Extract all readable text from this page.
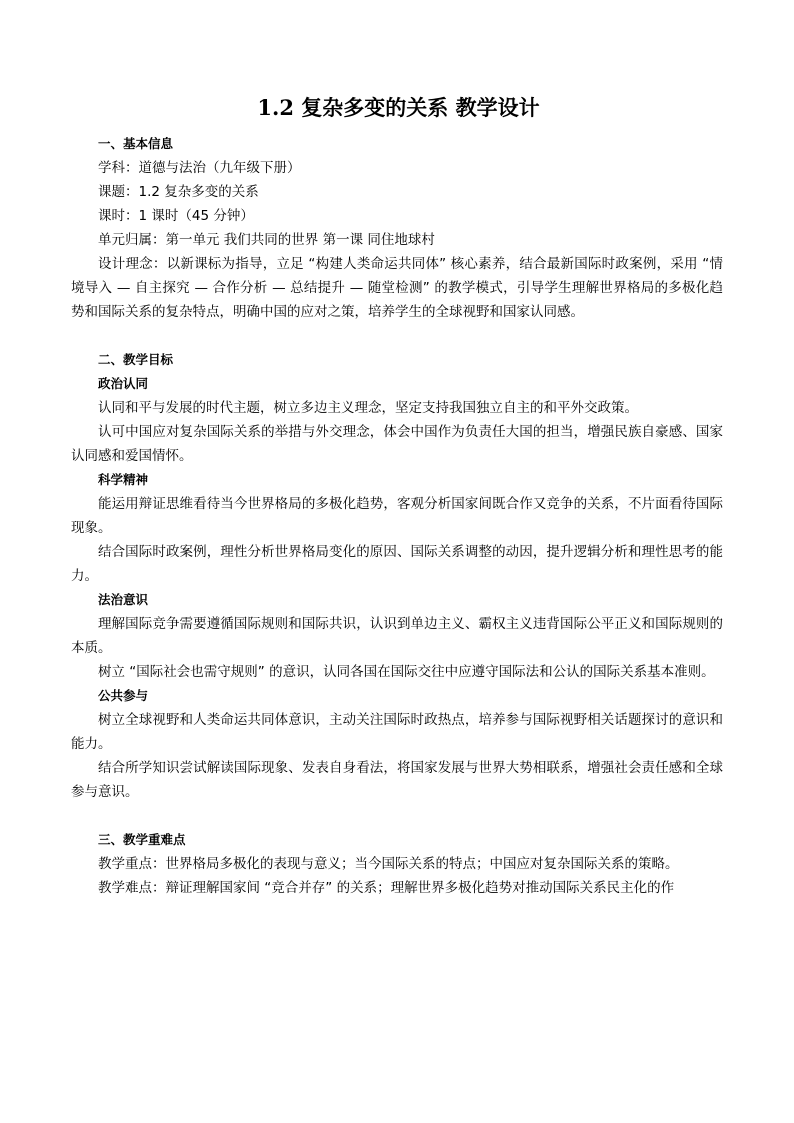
1.2 复杂多变的关系 教学设计
一、基本信息
学科：道德与法治（九年级下册）
课题：1.2 复杂多变的关系
课时：1 课时（45 分钟）
单元归属：第一单元 我们共同的世界 第一课 同住地球村

设计理念：以新课标为指导，立足 “构建人类命运共同体” 核心素养，结合最新国际时政案例，采用 “情境导入 — 自主探究 — 合作分析 — 总结提升 — 随堂检测” 的教学模式，引导学生理解世界格局的多极化趋势和国际关系的复杂特点，明确中国的应对之策，培养学生的全球视野和国家认同感。

二、教学目标
政治认同

认同和平与发展的时代主题，树立多边主义理念，坚定支持我国独立自主的和平外交政策。

认可中国应对复杂国际关系的举措与外交理念，体会中国作为负责任大国的担当，增强民族自豪感、国家认同感和爱国情怀。

科学精神

能运用辩证思维看待当今世界格局的多极化趋势，客观分析国家间既合作又竞争的关系，不片面看待国际现象。

结合国际时政案例，理性分析世界格局变化的原因、国际关系调整的动因，提升逻辑分析和理性思考的能力。

法治意识

理解国际竞争需要遵循国际规则和国际共识，认识到单边主义、霸权主义违背国际公平正义和国际规则的本质。

树立 “国际社会也需守规则” 的意识，认同各国在国际交往中应遵守国际法和公认的国际关系基本准则。

公共参与

树立全球视野和人类命运共同体意识，主动关注国际时政热点，培养参与国际视野相关话题探讨的意识和能力。

结合所学知识尝试解读国际现象、发表自身看法，将国家发展与世界大势相联系，增强社会责任感和全球参与意识。

三、教学重难点
教学重点：世界格局多极化的表现与意义；当今国际关系的特点；中国应对复杂国际关系的策略。
教学难点：辩证理解国家间 “竞合并存” 的关系；理解世界多极化趋势对推动国际关系民主化的作
